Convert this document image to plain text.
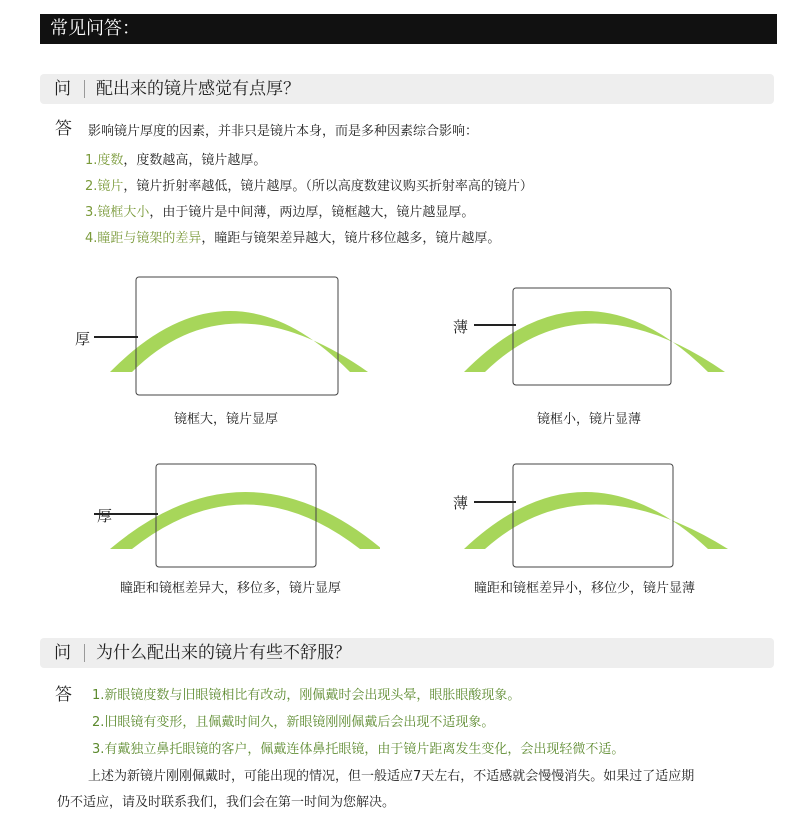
常见问答：
问 配出来的镜片感觉有点厚？
答 影响镜片厚度的因素，并非只是镜片本身，而是多种因素综合影响：
1.度数，度数越高，镜片越厚。
2.镜片，镜片折射率越低，镜片越厚。（所以高度数建议购买折射率高的镜片）
3.镜框大小，由于镜片是中间薄，两边厚，镜框越大，镜片越显厚。
4.瞳距与镜架的差异，瞳距与镜架差异越大，镜片移位越多，镜片越厚。
厚
镜框大，镜片显厚
薄
镜框小，镜片显薄
厚
瞳距和镜框差异大，移位多，镜片显厚
薄
瞳距和镜框差异小，移位少，镜片显薄
问 为什么配出来的镜片有些不舒服？
答 1.新眼镜度数与旧眼镜相比有改动，刚佩戴时会出现头晕，眼胀眼酸现象。
2.旧眼镜有变形，且佩戴时间久，新眼镜刚刚佩戴后会出现不适现象。
3.有戴独立鼻托眼镜的客户，佩戴连体鼻托眼镜，由于镜片距离发生变化，会出现轻微不适。
上述为新镜片刚刚佩戴时，可能出现的情况，但一般适应7天左右，不适感就会慢慢消失。如果过了适应期
仍不适应，请及时联系我们，我们会在第一时间为您解决。
